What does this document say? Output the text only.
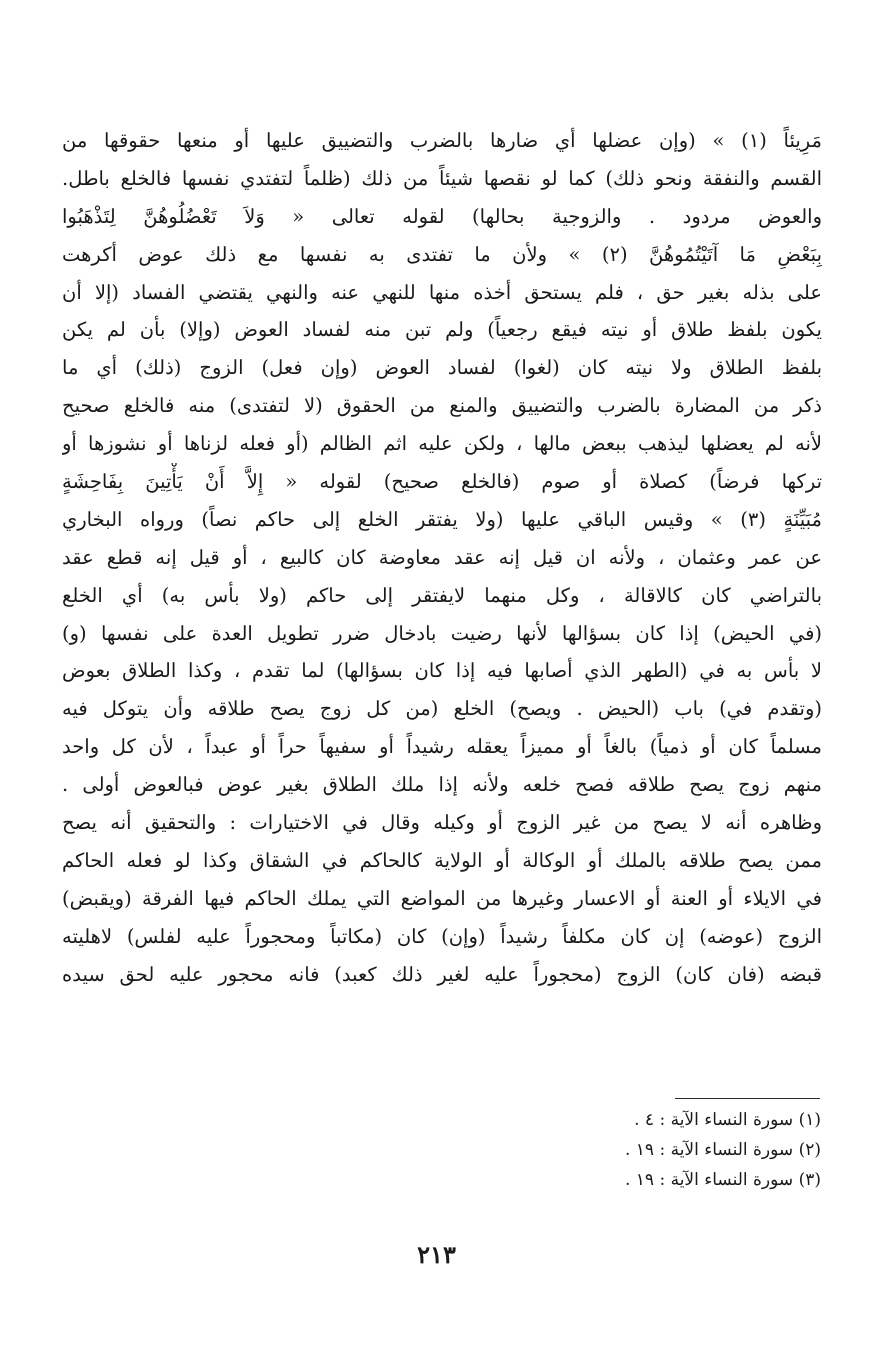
مَرِيئاً (١) » (وإن عضلها أي ضارها بالضرب والتضييق عليها أو منعها حقوقها من
القسم والنفقة ونحو ذلك) كما لو نقصها شيئاً من ذلك (ظلماً لتفتدي نفسها فالخلع باطل.
والعوض مردود . والزوجية بحالها) لقوله تعالى « وَلاَ تَعْضُلُوهُنَّ لِتَذْهَبُوا
بِبَعْضِ مَا آتَيْتُمُوهُنَّ (٢) » ولأن ما تفتدى به نفسها مع ذلك عوض أكرهت
على بذله بغير حق ، فلم يستحق أخذه منها للنهي عنه والنهي يقتضي الفساد (إلا أن
يكون بلفظ طلاق أو نيته فيقع رجعياً) ولم تبن منه لفساد العوض (وإلا) بأن لم يكن
بلفظ الطلاق ولا نيته كان (لغوا) لفساد العوض (وإن فعل) الزوج (ذلك) أي ما
ذكر من المضارة بالضرب والتضييق والمنع من الحقوق (لا لتفتدى) منه فالخلع صحيح
لأنه لم يعضلها ليذهب ببعض مالها ، ولكن عليه اثم الظالم (أو فعله لزناها أو نشوزها أو
تركها فرضاً) كصلاة أو صوم (فالخلع صحيح) لقوله « إِلاَّ أَنْ يَأْتِينَ بِفَاحِشَةٍ
مُبَيِّنَةٍ (٣) » وقيس الباقي عليها (ولا يفتقر الخلع إلى حاكم نصاً) ورواه البخاري
عن عمر وعثمان ، ولأنه ان قيل إنه عقد معاوضة كان كالبيع ، أو قيل إنه قطع عقد
بالتراضي كان كالاقالة ، وكل منهما لايفتقر إلى حاكم (ولا بأس به) أي الخلع
(في الحيض) إذا كان بسؤالها لأنها رضيت بادخال ضرر تطويل العدة على نفسها (و)
لا بأس به في (الطهر الذي أصابها فيه إذا كان بسؤالها) لما تقدم ، وكذا الطلاق بعوض
(وتقدم في) باب (الحيض . ويصح) الخلع (من كل زوج يصح طلاقه وأن يتوكل فيه
مسلماً كان أو ذمياً) بالغاً أو مميزاً يعقله رشيداً أو سفيهاً حراً أو عبداً ، لأن كل واحد
منهم زوج يصح طلاقه فصح خلعه ولأنه إذا ملك الطلاق بغير عوض فبالعوض أولى .
وظاهره أنه لا يصح من غير الزوج أو وكيله وقال في الاختيارات : والتحقيق أنه يصح
ممن يصح طلاقه بالملك أو الوكالة أو الولاية كالحاكم في الشقاق وكذا لو فعله الحاكم
في الايلاء أو العنة أو الاعسار وغيرها من المواضع التي يملك الحاكم فيها الفرقة (ويقبض)
الزوج (عوضه) إن كان مكلفاً رشيداً (وإن) كان (مكاتباً ومحجوراً عليه لفلس) لاهليته
قبضه (فان كان) الزوج (محجوراً عليه لغير ذلك كعبد) فانه محجور عليه لحق سيده
(١) سورة النساء الآية : ٤ .
(٢) سورة النساء الآية : ١٩ .
(٣) سورة النساء الآية : ١٩ .
٢١٣
